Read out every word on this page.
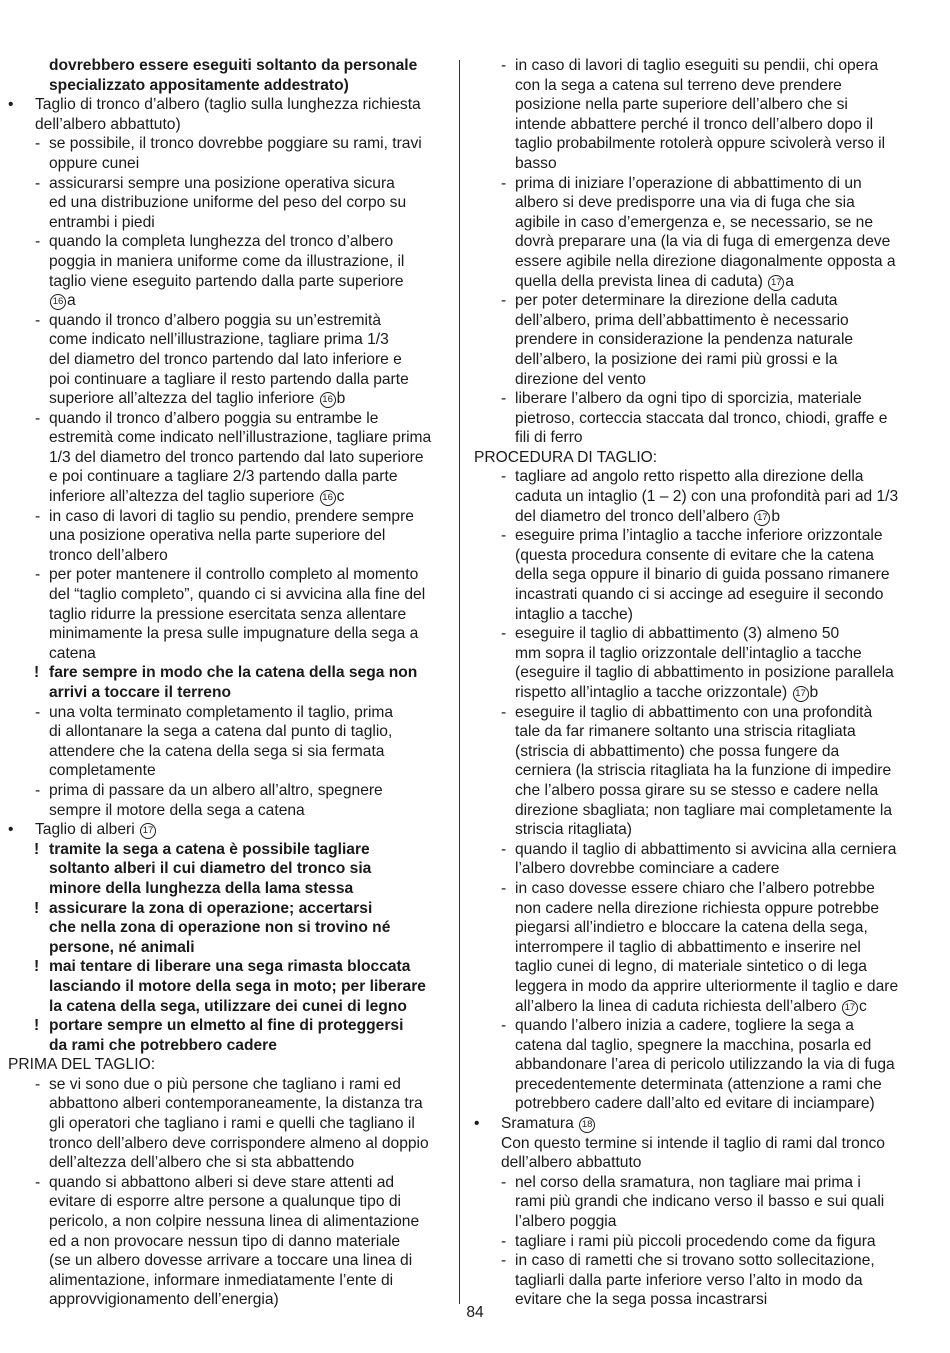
dovrebbero essere eseguiti soltanto da personale
specializzato appositamente addestrato)
• Taglio di tronco d’albero (taglio sulla lunghezza richiesta
dell’albero abbattuto)
- se possibile, il tronco dovrebbe poggiare su rami, travi
oppure cunei
- assicurarsi sempre una posizione operativa sicura
ed una distribuzione uniforme del peso del corpo su
entrambi i piedi
- quando la completa lunghezza del tronco d’albero
poggia in maniera uniforme come da illustrazione, il
taglio viene eseguito partendo dalla parte superiore
16 a
- quando il tronco d’albero poggia su un’estremità
come indicato nell’illustrazione, tagliare prima 1/3
del diametro del tronco partendo dal lato inferiore e
poi continuare a tagliare il resto partendo dalla parte
superiore all’altezza del taglio inferiore 16 b
- quando il tronco d’albero poggia su entrambe le
estremità come indicato nell’illustrazione, tagliare prima
1/3 del diametro del tronco partendo dal lato superiore
e poi continuare a tagliare 2/3 partendo dalla parte
inferiore all’altezza del taglio superiore 16 c
- in caso di lavori di taglio su pendio, prendere sempre
una posizione operativa nella parte superiore del
tronco dell’albero
- per poter mantenere il controllo completo al momento
del “taglio completo”, quando ci si avvicina alla fine del
taglio ridurre la pressione esercitata senza allentare
minimamente la presa sulle impugnature della sega a
catena
! fare sempre in modo che la catena della sega non
arrivi a toccare il terreno
- una volta terminato completamento il taglio, prima
di allontanare la sega a catena dal punto di taglio,
attendere che la catena della sega si sia fermata
completamente
- prima di passare da un albero all’altro, spegnere
sempre il motore della sega a catena
• Taglio di alberi 17
! tramite la sega a catena è possibile tagliare
soltanto alberi il cui diametro del tronco sia
minore della lunghezza della lama stessa
! assicurare la zona di operazione; accertarsi
che nella zona di operazione non si trovino né
persone, né animali
! mai tentare di liberare una sega rimasta bloccata
lasciando il motore della sega in moto; per liberare
la catena della sega, utilizzare dei cunei di legno
! portare sempre un elmetto al fine di proteggersi
da rami che potrebbero cadere
PRIMA DEL TAGLIO:
- se vi sono due o più persone che tagliano i rami ed
abbattono alberi contemporaneamente, la distanza tra
gli operatori che tagliano i rami e quelli che tagliano il
tronco dell’albero deve corrispondere almeno al doppio
dell’altezza dell’albero che si sta abbattendo
- quando si abbattono alberi si deve stare attenti ad
evitare di esporre altre persone a qualunque tipo di
pericolo, a non colpire nessuna linea di alimentazione
ed a non provocare nessun tipo di danno materiale
(se un albero dovesse arrivare a toccare una linea di
alimentazione, informare inmediatamente l’ente di
approvvigionamento dell’energia)
- in caso di lavori di taglio eseguiti su pendii, chi opera
con la sega a catena sul terreno deve prendere
posizione nella parte superiore dell’albero che si
intende abbattere perché il tronco dell’albero dopo il
taglio probabilmente rotolerà oppure scivolerà verso il
basso
- prima di iniziare l’operazione di abbattimento di un
albero si deve predisporre una via di fuga che sia
agibile in caso d’emergenza e, se necessario, se ne
dovrà preparare una (la via di fuga di emergenza deve
essere agibile nella direzione diagonalmente opposta a
quella della prevista linea di caduta) 17 a
- per poter determinare la direzione della caduta
dell’albero, prima dell’abbattimento è necessario
prendere in considerazione la pendenza naturale
dell’albero, la posizione dei rami più grossi e la
direzione del vento
- liberare l’albero da ogni tipo di sporcizia, materiale
pietroso, corteccia staccata dal tronco, chiodi, graffe e
fili di ferro
PROCEDURA DI TAGLIO:
- tagliare ad angolo retto rispetto alla direzione della
caduta un intaglio (1 – 2) con una profondità pari ad 1/3
del diametro del tronco dell’albero 17 b
- eseguire prima l’intaglio a tacche inferiore orizzontale
(questa procedura consente di evitare che la catena
della sega oppure il binario di guida possano rimanere
incastrati quando ci si accinge ad eseguire il secondo
intaglio a tacche)
- eseguire il taglio di abbattimento (3) almeno 50
mm sopra il taglio orizzontale dell’intaglio a tacche
(eseguire il taglio di abbattimento in posizione parallela
rispetto all’intaglio a tacche orizzontale) 17 b
- eseguire il taglio di abbattimento con una profondità
tale da far rimanere soltanto una striscia ritagliata
(striscia di abbattimento) che possa fungere da
cerniera (la striscia ritagliata ha la funzione di impedire
che l’albero possa girare su se stesso e cadere nella
direzione sbagliata; non tagliare mai completamente la
striscia ritagliata)
- quando il taglio di abbattimento si avvicina alla cerniera
l’albero dovrebbe cominciare a cadere
- in caso dovesse essere chiaro che l’albero potrebbe
non cadere nella direzione richiesta oppure potrebbe
piegarsi all’indietro e bloccare la catena della sega,
interrompere il taglio di abbattimento e inserire nel
taglio cunei di legno, di materiale sintetico o di lega
leggera in modo da apprire ulteriormente il taglio e dare
all’albero la linea di caduta richiesta dell’albero 17 c
- quando l’albero inizia a cadere, togliere la sega a
catena dal taglio, spegnere la macchina, posarla ed
abbandonare l’area di pericolo utilizzando la via di fuga
precedentemente determinata (attenzione a rami che
potrebbero cadere dall’alto ed evitare di inciampare)
• Sramatura 18
Con questo termine si intende il taglio di rami dal tronco
dell’albero abbattuto
- nel corso della sramatura, non tagliare mai prima i
rami più grandi che indicano verso il basso e sui quali
l’albero poggia
- tagliare i rami più piccoli procedendo come da figura
- in caso di rametti che si trovano sotto sollecitazione,
tagliarli dalla parte inferiore verso l’alto in modo da
evitare che la sega possa incastrarsi
84
